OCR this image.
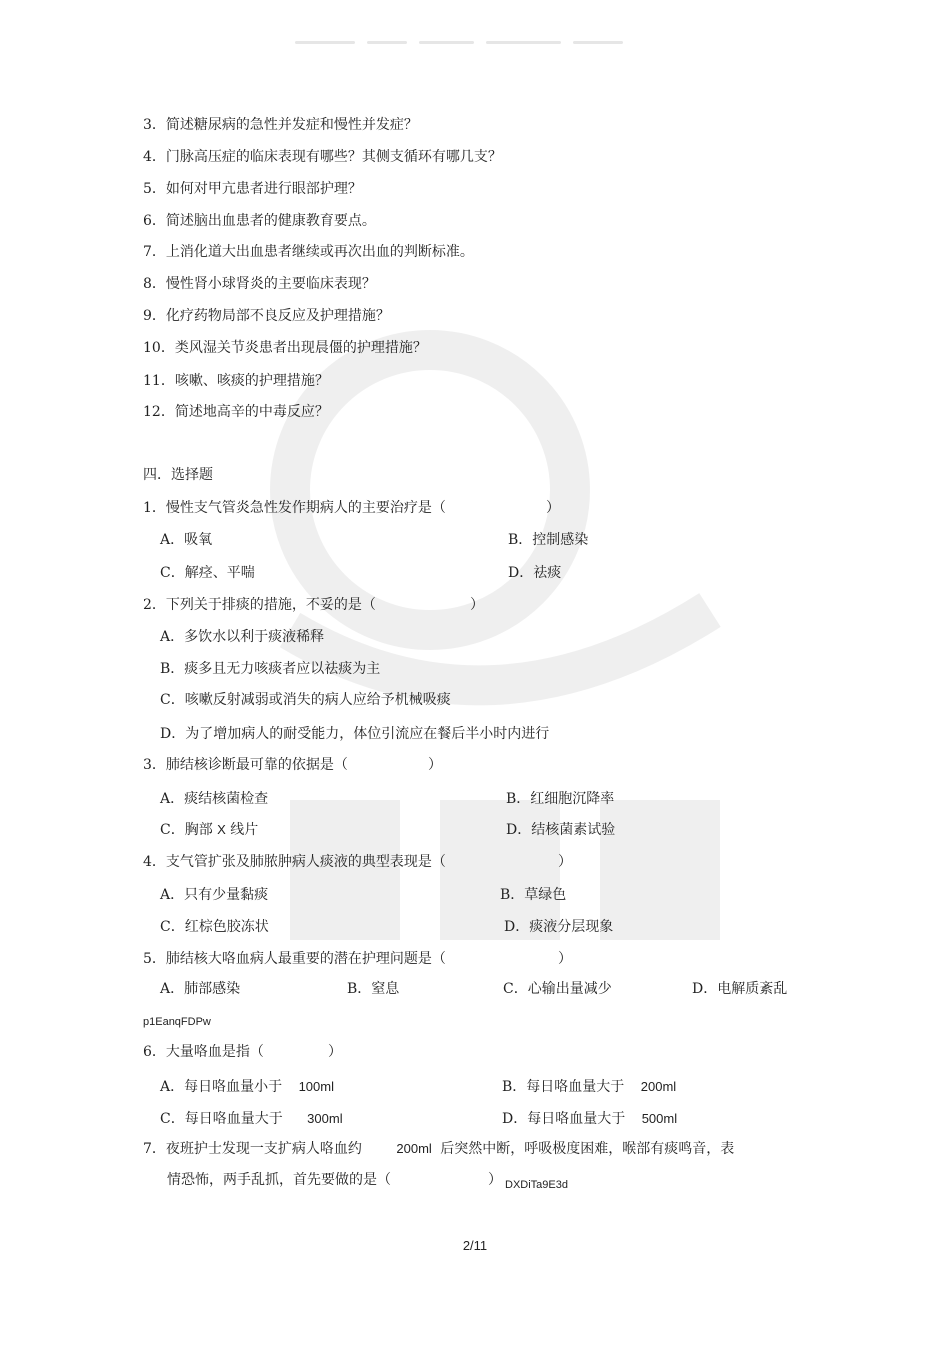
3．简述糖尿病的急性并发症和慢性并发症？
4．门脉高压症的临床表现有哪些？其侧支循环有哪几支？
5．如何对甲亢患者进行眼部护理？
6．简述脑出血患者的健康教育要点。
7．上消化道大出血患者继续或再次出血的判断标准。
8．慢性肾小球肾炎的主要临床表现？
9．化疗药物局部不良反应及护理措施？
10．类风湿关节炎患者出现晨僵的护理措施？
11．咳嗽、咳痰的护理措施？
12．简述地高辛的中毒反应？
四．选择题
1．慢性支气管炎急性发作期病人的主要治疗是（	）
A．吸氧	B．控制感染
C．解痉、平喘	D．祛痰
2．下列关于排痰的措施，不妥的是（	）
A．多饮水以利于痰液稀释
B．痰多且无力咳痰者应以祛痰为主
C．咳嗽反射减弱或消失的病人应给予机械吸痰
D．为了增加病人的耐受能力，体位引流应在餐后半小时内进行
3．肺结核诊断最可靠的依据是（	）
A．痰结核菌检查	B．红细胞沉降率
C．胸部 X 线片	D．结核菌素试验
4．支气管扩张及肺脓肿病人痰液的典型表现是（	）
A．只有少量黏痰	B．草绿色
C．红棕色胶冻状	D．痰液分层现象
5．肺结核大咯血病人最重要的潜在护理问题是（	）
A．肺部感染	B．窒息	C．心输出量减少	D．电解质紊乱
p1EanqFDPw
6．大量咯血是指（	）
A．每日咯血量小于 100ml	B．每日咯血量大于 200ml
C．每日咯血量大于 300ml	D．每日咯血量大于 500ml
7．夜班护士发现一支扩病人咯血约	200ml 后突然中断，呼吸极度困难，喉部有痰鸣音，表
情恐怖，两手乱抓，首先要做的是（	） DXDiTa9E3d
2/11
